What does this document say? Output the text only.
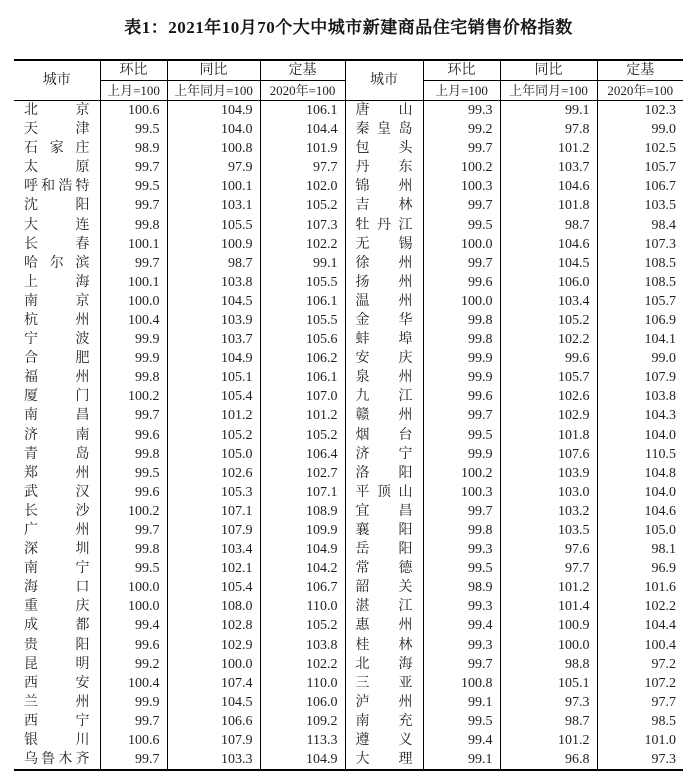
表1：2021年10月70个大中城市新建商品住宅销售价格指数
城市	环比	同比	定基	城市	环比	同比	定基
	上月=100	上年同月=100	2020年=100		上月=100	上年同月=100	2020年=100
北京	100.6	104.9	106.1	唐山	99.3	99.1	102.3
天津	99.5	104.0	104.4	秦皇岛	99.2	97.8	99.0
石家庄	98.9	100.8	101.9	包头	99.7	101.2	102.5
太原	99.7	97.9	97.7	丹东	100.2	103.7	105.7
呼和浩特	99.5	100.1	102.0	锦州	100.3	104.6	106.7
沈阳	99.7	103.1	105.2	吉林	99.7	101.8	103.5
大连	99.8	105.5	107.3	牡丹江	99.5	98.7	98.4
长春	100.1	100.9	102.2	无锡	100.0	104.6	107.3
哈尔滨	99.7	98.7	99.1	徐州	99.7	104.5	108.5
上海	100.1	103.8	105.5	扬州	99.6	106.0	108.5
南京	100.0	104.5	106.1	温州	100.0	103.4	105.7
杭州	100.4	103.9	105.5	金华	99.8	105.2	106.9
宁波	99.9	103.7	105.6	蚌埠	99.8	102.2	104.1
合肥	99.9	104.9	106.2	安庆	99.9	99.6	99.0
福州	99.8	105.1	106.1	泉州	99.9	105.7	107.9
厦门	100.2	105.4	107.0	九江	99.6	102.6	103.8
南昌	99.7	101.2	101.2	赣州	99.7	102.9	104.3
济南	99.6	105.2	105.2	烟台	99.5	101.8	104.0
青岛	99.8	105.0	106.4	济宁	99.9	107.6	110.5
郑州	99.5	102.6	102.7	洛阳	100.2	103.9	104.8
武汉	99.6	105.3	107.1	平顶山	100.3	103.0	104.0
长沙	100.2	107.1	108.9	宜昌	99.7	103.2	104.6
广州	99.7	107.9	109.9	襄阳	99.8	103.5	105.0
深圳	99.8	103.4	104.9	岳阳	99.3	97.6	98.1
南宁	99.5	102.1	104.2	常德	99.5	97.7	96.9
海口	100.0	105.4	106.7	韶关	98.9	101.2	101.6
重庆	100.0	108.0	110.0	湛江	99.3	101.4	102.2
成都	99.4	102.8	105.2	惠州	99.4	100.9	104.4
贵阳	99.6	102.9	103.8	桂林	99.3	100.0	100.4
昆明	99.2	100.0	102.2	北海	99.7	98.8	97.2
西安	100.4	107.4	110.0	三亚	100.8	105.1	107.2
兰州	99.9	104.5	106.0	泸州	99.1	97.3	97.7
西宁	99.7	106.6	109.2	南充	99.5	98.7	98.5
银川	100.6	107.9	113.3	遵义	99.4	101.2	101.0
乌鲁木齐	99.7	103.3	104.9	大理	99.1	96.8	97.3
